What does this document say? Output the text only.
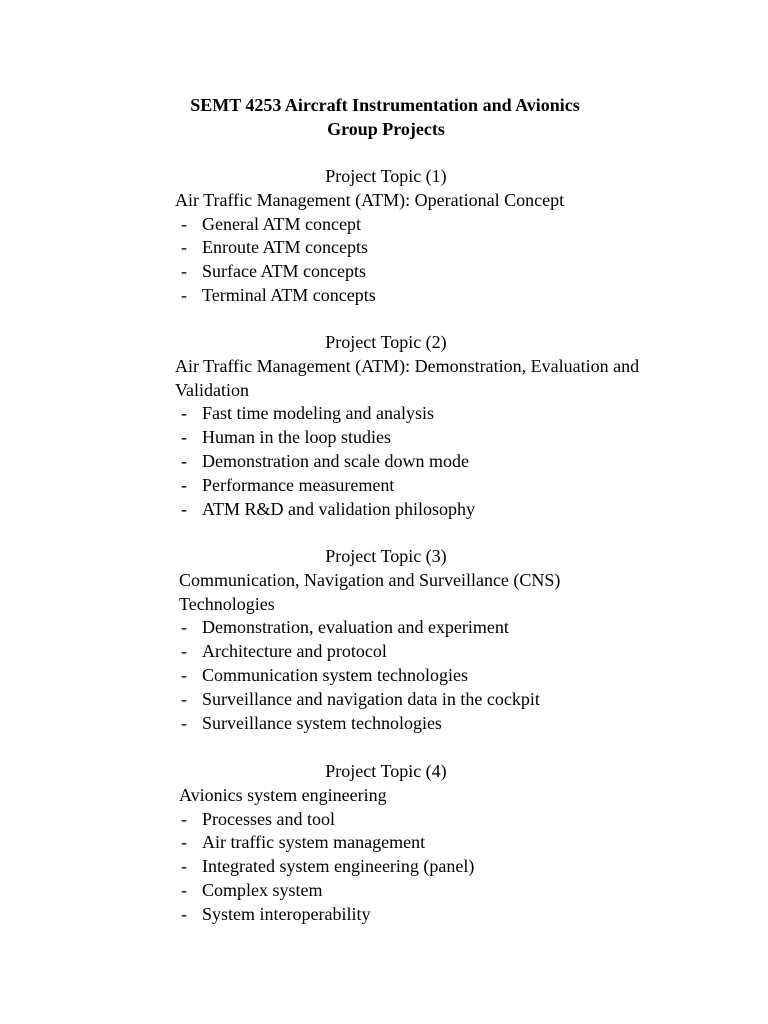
SEMT 4253 Aircraft Instrumentation and Avionics
Group Projects
Project Topic (1)
Air Traffic Management (ATM): Operational Concept
- General ATM concept
- Enroute ATM concepts
- Surface ATM concepts
- Terminal ATM concepts
Project Topic (2)
Air Traffic Management (ATM): Demonstration, Evaluation and Validation
- Fast time modeling and analysis
- Human in the loop studies
- Demonstration and scale down mode
- Performance measurement
- ATM R&D and validation philosophy
Project Topic (3)
Communication, Navigation and Surveillance (CNS) Technologies
- Demonstration, evaluation and experiment
- Architecture and protocol
- Communication system technologies
- Surveillance and navigation data in the cockpit
- Surveillance system technologies
Project Topic (4)
Avionics system engineering
- Processes and tool
- Air traffic system management
- Integrated system engineering (panel)
- Complex system
- System interoperability
